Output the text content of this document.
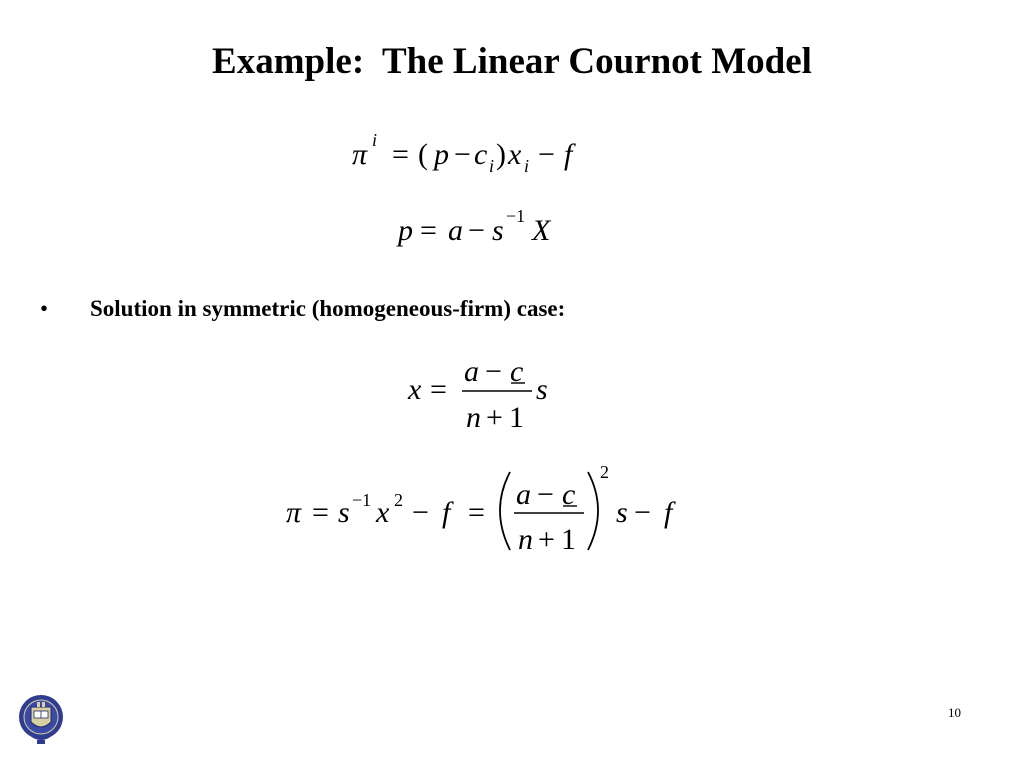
Example:  The Linear Cournot Model
π i = ( p − c i ) x i − f
p = a − s −1 X
• Solution in symmetric (homogeneous-firm) case:
x =
a − c
n + 1
s
π = s −1 x 2 − f =
a − c
n + 1
2
s − f
10
